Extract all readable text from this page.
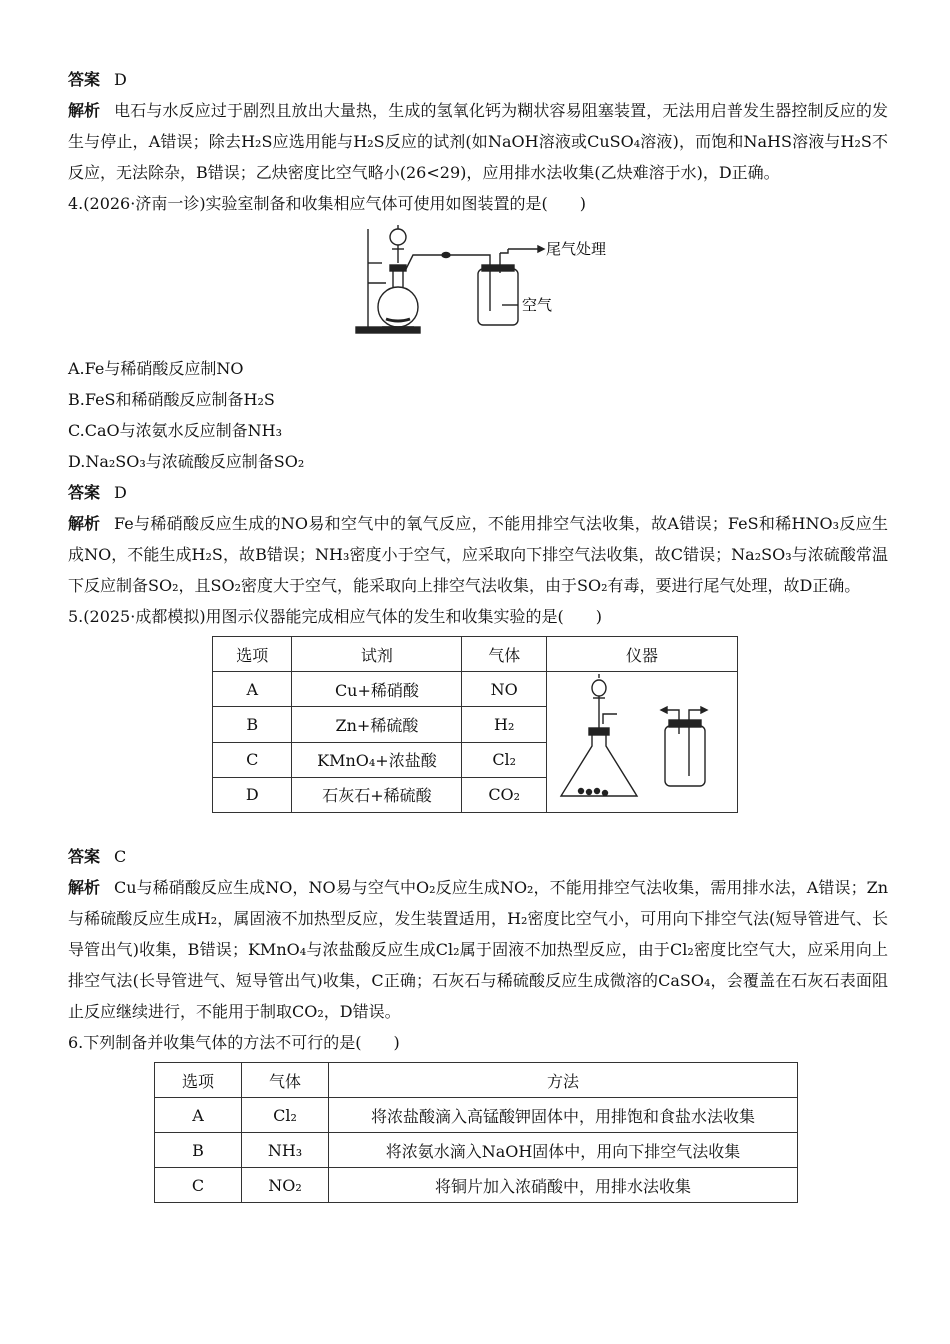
答案 D
解析 电石与水反应过于剧烈且放出大量热，生成的氢氧化钙为糊状容易阻塞装置，无法用启普发生器控制反应的发生与停止，A错误；除去H₂S应选用能与H₂S反应的试剂(如NaOH溶液或CuSO₄溶液)，而饱和NaHS溶液与H₂S不反应，无法除杂，B错误；乙炔密度比空气略小(26<29)，应用排水法收集(乙炔难溶于水)，D正确。
4.(2026·济南一诊)实验室制备和收集相应气体可使用如图装置的是(　　)
尾气处理
空气
A.Fe与稀硝酸反应制NO
B.FeS和稀硝酸反应制备H₂S
C.CaO与浓氨水反应制备NH₃
D.Na₂SO₃与浓硫酸反应制备SO₂
答案 D
解析 Fe与稀硝酸反应生成的NO易和空气中的氧气反应，不能用排空气法收集，故A错误；FeS和稀HNO₃反应生成NO，不能生成H₂S，故B错误；NH₃密度小于空气，应采取向下排空气法收集，故C错误；Na₂SO₃与浓硫酸常温下反应制备SO₂，且SO₂密度大于空气，能采取向上排空气法收集，由于SO₂有毒，要进行尾气处理，故D正确。
5.(2025·成都模拟)用图示仪器能完成相应气体的发生和收集实验的是(　　)
选项	试剂	气体	仪器
A	Cu+稀硝酸	NO	
B	Zn+稀硫酸	H₂	
C	KMnO₄+浓盐酸	Cl₂	
D	石灰石+稀硫酸	CO₂	
答案 C
解析 Cu与稀硝酸反应生成NO，NO易与空气中O₂反应生成NO₂，不能用排空气法收集，需用排水法，A错误；Zn与稀硫酸反应生成H₂，属固液不加热型反应，发生装置适用，H₂密度比空气小，可用向下排空气法(短导管进气、长导管出气)收集，B错误；KMnO₄与浓盐酸反应生成Cl₂属于固液不加热型反应，由于Cl₂密度比空气大，应采用向上排空气法(长导管进气、短导管出气)收集，C正确；石灰石与稀硫酸反应生成微溶的CaSO₄，会覆盖在石灰石表面阻止反应继续进行，不能用于制取CO₂，D错误。
6.下列制备并收集气体的方法不可行的是(　　)
选项	气体	方法
A	Cl₂	将浓盐酸滴入高锰酸钾固体中，用排饱和食盐水法收集
B	NH₃	将浓氨水滴入NaOH固体中，用向下排空气法收集
C	NO₂	将铜片加入浓硝酸中，用排水法收集
